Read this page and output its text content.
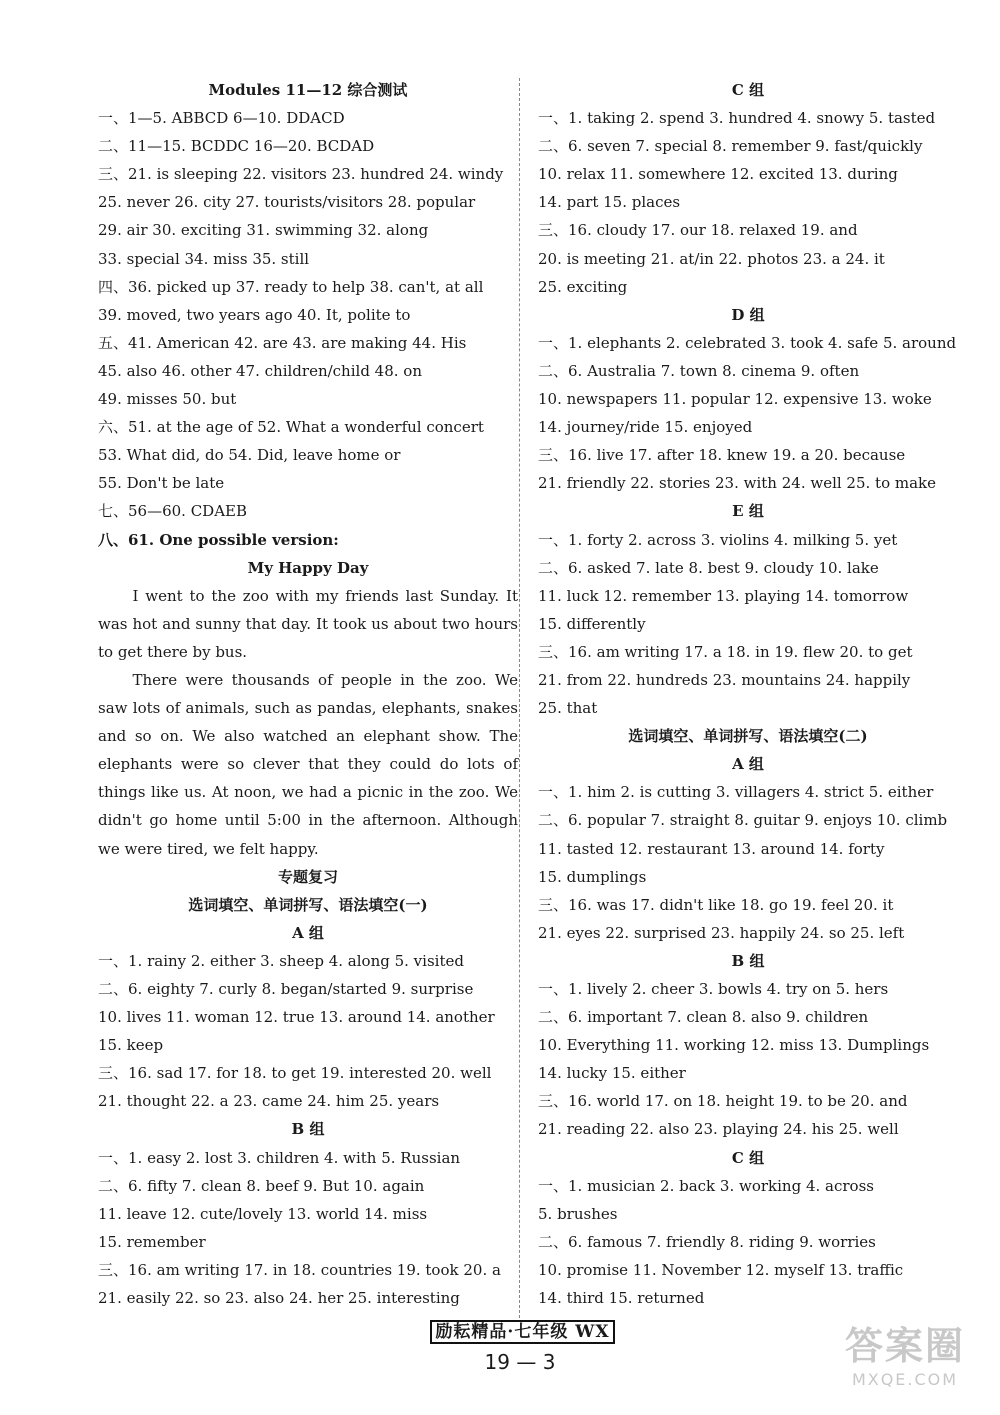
Modules 11—12 综合测试
一、1—5. ABBCD 6—10. DDACD
二、11—15. BCDDC 16—20. BCDAD
三、21. is sleeping 22. visitors 23. hundred 24. windy
25. never 26. city 27. tourists/visitors 28. popular
29. air 30. exciting 31. swimming 32. along
33. special 34. miss 35. still
四、36. picked up 37. ready to help 38. can't, at all
39. moved, two years ago 40. It, polite to
五、41. American 42. are 43. are making 44. His
45. also 46. other 47. children/child 48. on
49. misses 50. but
六、51. at the age of 52. What a wonderful concert
53. What did, do 54. Did, leave home or
55. Don't be late
七、56—60. CDAEB
八、61. One possible version:
My Happy Day

I went to the zoo with my friends last Sunday. It was hot and sunny that day. It took us about two hours to get there by bus.

There were thousands of people in the zoo. We saw lots of animals, such as pandas, elephants, snakes and so on. We also watched an elephant show. The elephants were so clever that they could do lots of things like us. At noon, we had a picnic in the zoo. We didn't go home until 5:00 in the afternoon. Although we were tired, we felt happy.

专题复习
选词填空、单词拼写、语法填空(一)
A 组
一、1. rainy 2. either 3. sheep 4. along 5. visited
二、6. eighty 7. curly 8. began/started 9. surprise
10. lives 11. woman 12. true 13. around 14. another
15. keep
三、16. sad 17. for 18. to get 19. interested 20. well
21. thought 22. a 23. came 24. him 25. years
B 组
一、1. easy 2. lost 3. children 4. with 5. Russian
二、6. fifty 7. clean 8. beef 9. But 10. again
11. leave 12. cute/lovely 13. world 14. miss
15. remember
三、16. am writing 17. in 18. countries 19. took 20. a
21. easily 22. so 23. also 24. her 25. interesting
C 组
一、1. taking 2. spend 3. hundred 4. snowy 5. tasted
二、6. seven 7. special 8. remember 9. fast/quickly
10. relax 11. somewhere 12. excited 13. during
14. part 15. places
三、16. cloudy 17. our 18. relaxed 19. and
20. is meeting 21. at/in 22. photos 23. a 24. it
25. exciting
D 组
一、1. elephants 2. celebrated 3. took 4. safe 5. around
二、6. Australia 7. town 8. cinema 9. often
10. newspapers 11. popular 12. expensive 13. woke
14. journey/ride 15. enjoyed
三、16. live 17. after 18. knew 19. a 20. because
21. friendly 22. stories 23. with 24. well 25. to make
E 组
一、1. forty 2. across 3. violins 4. milking 5. yet
二、6. asked 7. late 8. best 9. cloudy 10. lake
11. luck 12. remember 13. playing 14. tomorrow
15. differently
三、16. am writing 17. a 18. in 19. flew 20. to get
21. from 22. hundreds 23. mountains 24. happily
25. that
选词填空、单词拼写、语法填空(二)
A 组
一、1. him 2. is cutting 3. villagers 4. strict 5. either
二、6. popular 7. straight 8. guitar 9. enjoys 10. climb
11. tasted 12. restaurant 13. around 14. forty
15. dumplings
三、16. was 17. didn't like 18. go 19. feel 20. it
21. eyes 22. surprised 23. happily 24. so 25. left
B 组
一、1. lively 2. cheer 3. bowls 4. try on 5. hers
二、6. important 7. clean 8. also 9. children
10. Everything 11. working 12. miss 13. Dumplings
14. lucky 15. either
三、16. world 17. on 18. height 19. to be 20. and
21. reading 22. also 23. playing 24. his 25. well
C 组
一、1. musician 2. back 3. working 4. across
5. brushes
二、6. famous 7. friendly 8. riding 9. worries
10. promise 11. November 12. myself 13. traffic
14. third 15. returned
励耘精品·七年级 WX
19 — 3	答案圈
MXQE.COM
